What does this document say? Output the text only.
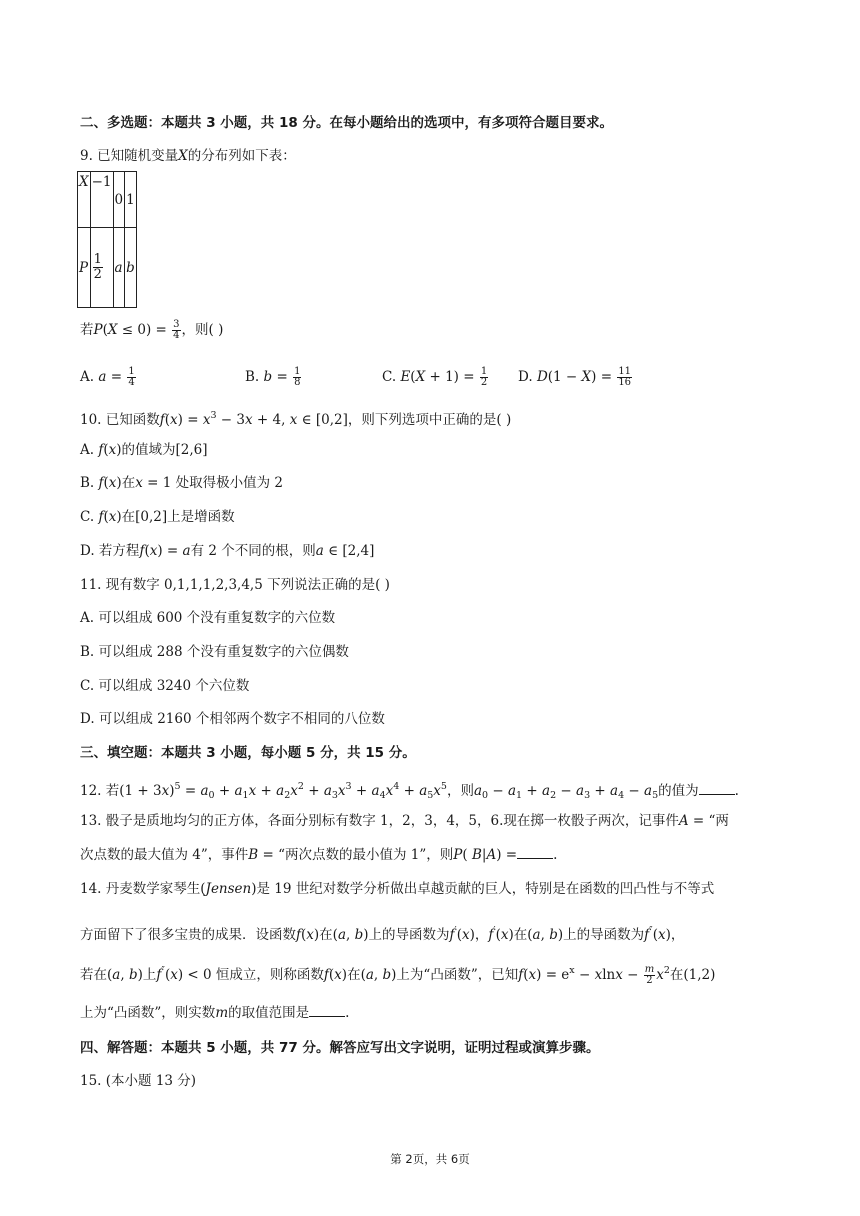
二、多选题：本题共 3 小题，共 18 分。在每小题给出的选项中，有多项符合题目要求。
9. 已知随机变量X的分布列如下表：
X	−1	0	1
P	$\frac{1}{2}$	a	b
若$P(X \le 0) = \frac{3}{4}$ ，则( )
A. $a = \frac{1}{4}$	B. $b = \frac{1}{8}$	C. $E(X + 1) = \frac{1}{2} D$. $D(1 - X) = \frac{11}{16}$
10. 已知函数$f(x) = x^3 - 3x + 4$, x ∈ [0,2]，则下列选项中正确的是( )
A. f(x)的值域为[2,6]
B. f(x)在x = 1 处取得极小值为 2
C. f(x)在[0,2]上是增函数
D. 若方程f(x) = a有 2 个不同的根，则a ∈ [2,4]
11. 现有数字 0,1,1,1,2,3,4,5 下列说法正确的是( )
A. 可以组成 600 个没有重复数字的六位数
B. 可以组成 288 个没有重复数字的六位偶数
C. 可以组成 3240 个六位数
D. 可以组成 2160 个相邻两个数字不相同的八位数
三、填空题：本题共 3 小题，每小题 5 分，共 15 分。
12. 若$(1 + 3x)^5 = a_0 + a_1x + a_2x^2 + a_3x^3 + a_4x^4 + a_5x^5$，则$a_0 - a_1 + a_2 - a_3 + a_4 - a_5$的值为	.
13. 骰子是质地均匀的正方体，各面分别标有数字 1，2，3，4，5，6.现在掷一枚骰子两次，记事件A = “两
次点数的最大值为 4”，事件B = “两次点数的最小值为 1”，则P( B|A) =	.
14. 丹麦数学家琴生(Jensen)是 19 世纪对数学分析做出卓越贡献的巨人，特别是在函数的凹凸性与不等式
方面留下了很多宝贵的成果．设函数f(x)在(a, b)上的导函数为f′(x)，f′(x)在(a, b)上的导函数为f″(x)，
若在(a, b)上f″(x) < 0 恒成立，则称函数f(x)在(a, b)上为“凸函数”，已知$f(x) = e^x - xlnx - \frac{m}{2} x^2$在(1,2)
上为“凸函数”，则实数m的取值范围是	.
四、解答题：本题共 5 小题，共 77 分。解答应写出文字说明，证明过程或演算步骤。
15. (本小题 13 分)
第 2页，共 6页
